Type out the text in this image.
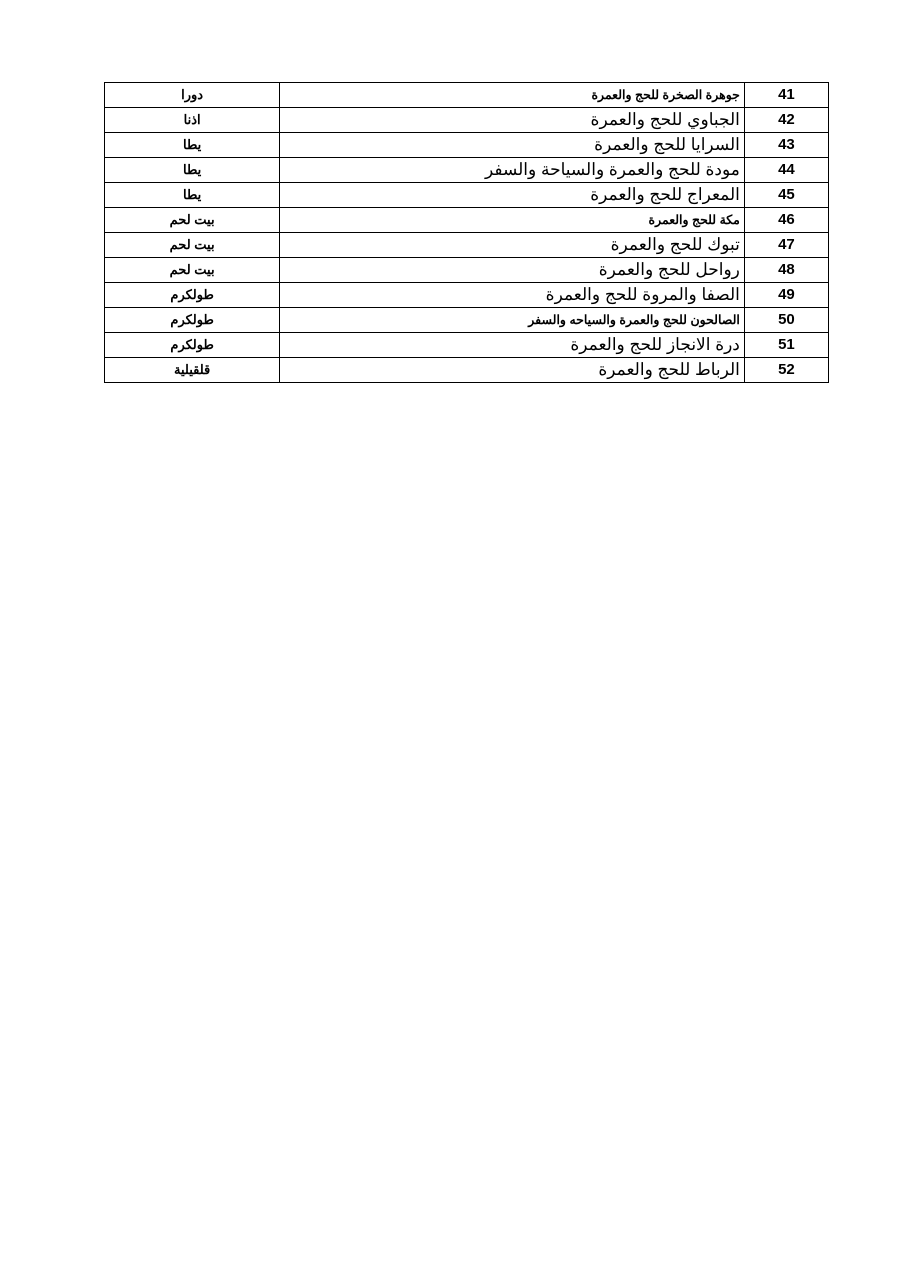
41	جوهرة الصخرة للحج والعمرة	دورا
42	الجباوي للحج والعمرة	اذنا
43	السرايا للحج والعمرة	يطا
44	مودة للحج والعمرة والسياحة والسفر	يطا
45	المعراج للحج والعمرة	يطا
46	مكة للحج والعمرة	بيت لحم
47	تبوك للحج والعمرة	بيت لحم
48	رواحل للحج والعمرة	بيت لحم
49	الصفا والمروة للحج والعمرة	طولكرم
50	الصالحون للحج والعمرة والسياحه والسفر	طولكرم
51	درة الانجاز للحج والعمرة	طولكرم
52	الرباط للحج والعمرة	قلقيلية
